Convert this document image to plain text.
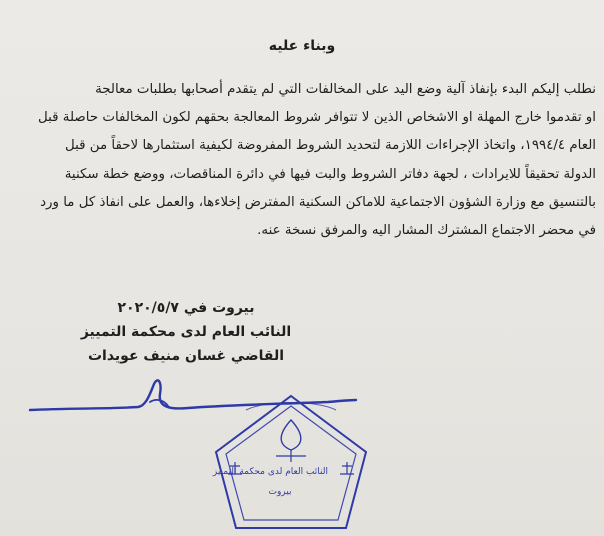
وبناء عليه
نطلب إليكم البدء بإنفاذ آلية وضع اليد على المخالفات التي لم يتقدم أصحابها بطلبات معالجة
او تقدموا خارج المهلة او الاشخاص الذين لا تتوافر شروط المعالجة بحقهم لكون المخالفات حاصلة قبل
العام ١٩٩٤/٤، واتخاذ الإجراءات اللازمة لتحديد الشروط المفروضة لكيفية استثمارها لاحقاً من قبل
الدولة تحقيقاً للايرادات ، لجهة دفاتر الشروط والبت فيها في دائرة المناقصات، ووضع خطة سكنية
بالتنسيق مع وزارة الشؤون الاجتماعية للاماكن السكنية المفترض إخلاءها، والعمل على انفاذ كل ما ورد
في محضر الاجتماع المشترك المشار اليه والمرفق نسخة عنه.
بيروت في ٢٠٢٠/٥/٧
النائب العام لدى محكمة التمييز
القاضي غسان منيف عويدات
النائب العام لدى محكمة التمييز
بيروت
